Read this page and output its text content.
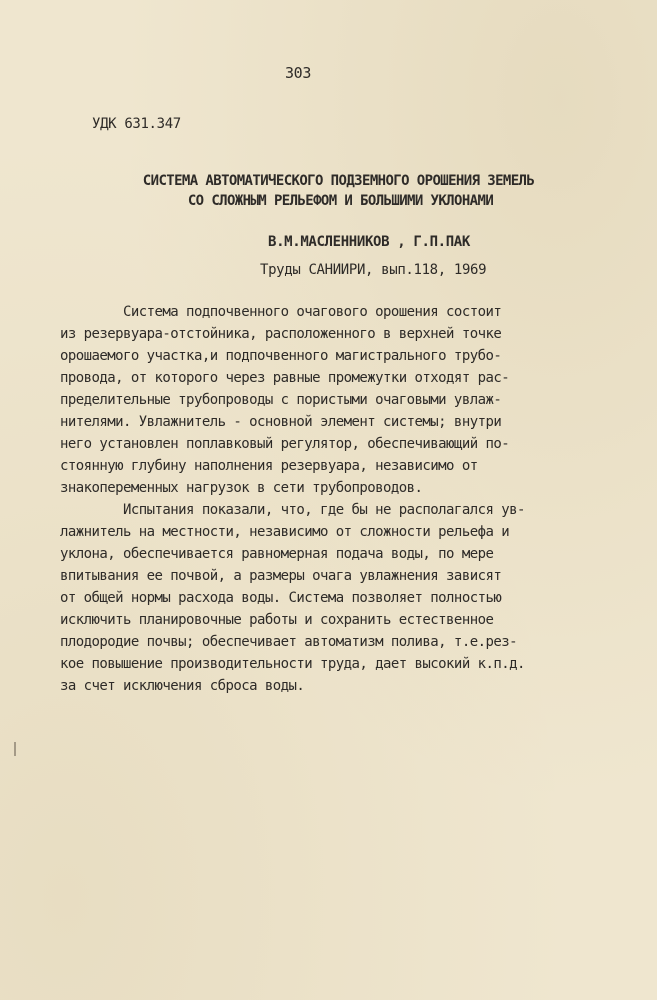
303
УДК 631.347
СИСТЕМА АВТОМАТИЧЕСКОГО ПОДЗЕМНОГО ОРОШЕНИЯ ЗЕМЕЛЬ
СО СЛОЖНЫМ РЕЛЬЕФОМ И БОЛЬШИМИ УКЛОНАМИ
В.М.МАСЛЕННИКОВ , Г.П.ПАК
Труды САНИИРИ, вып.118, 1969
Система подпочвенного очагового орошения состоит
из резервуара-отстойника, расположенного в верхней точке
орошаемого участка,и подпочвенного магистрального трубо-
провода, от которого через равные промежутки отходят рас-
пределительные трубопроводы с пористыми очаговыми увлаж-
нителями. Увлажнитель - основной элемент системы; внутри
него установлен поплавковый регулятор, обеспечивающий по-
стоянную глубину наполнения резервуара, независимо от
знакопеременных нагрузок в сети трубопроводов.
Испытания показали, что, где бы не располагался ув-
лажнитель на местности, независимо от сложности рельефа и
уклона, обеспечивается равномерная подача воды, по мере
впитывания ее почвой, а размеры очага увлажнения зависят
от общей нормы расхода воды. Система позволяет полностью
исключить планировочные работы и сохранить естественное
плодородие почвы; обеспечивает автоматизм полива, т.е.рез-
кое повышение производительности труда, дает высокий к.п.д.
за счет исключения сброса воды.
